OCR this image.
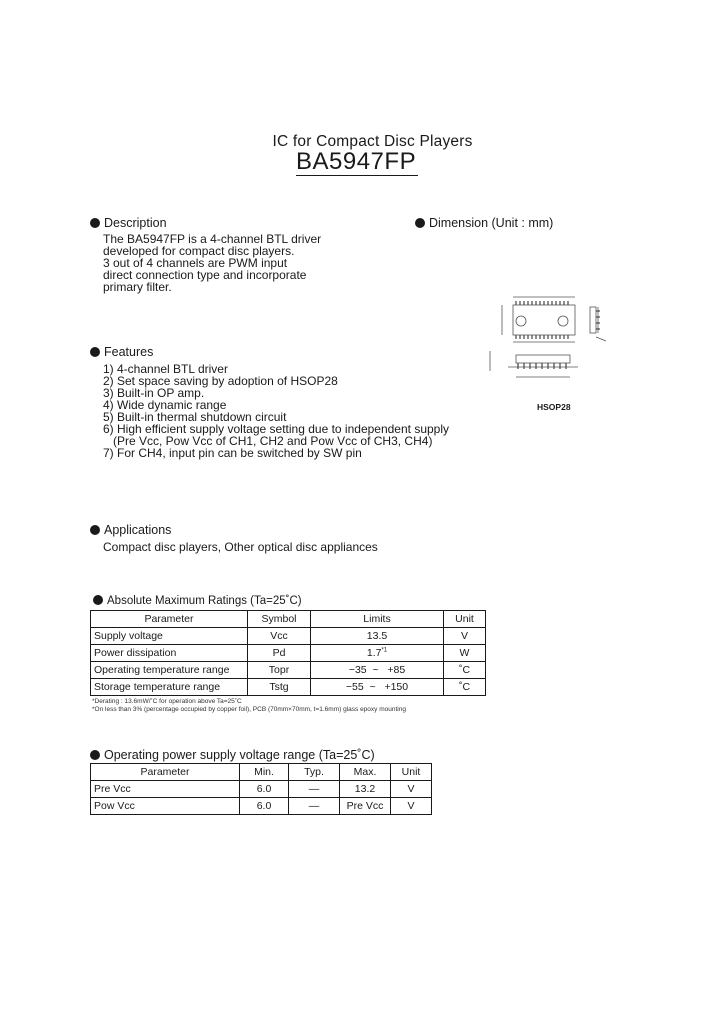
IC for Compact Disc Players
BA5947FP
Description
The BA5947FP is a 4-channel BTL driver
developed for compact disc players.
3 out of 4 channels are PWM input
direct connection type and incorporate
primary filter.
Dimension (Unit : mm)
HSOP28
Features
1) 4-channel BTL driver
2) Set space saving by adoption of HSOP28
3) Built-in OP amp.
4) Wide dynamic range
5) Built-in thermal shutdown circuit
6) High efficient supply voltage setting due to independent supply
(Pre Vcc, Pow Vcc of CH1, CH2 and Pow Vcc of CH3, CH4)
7) For CH4, input pin can be switched by SW pin
Applications
Compact disc players, Other optical disc appliances
Absolute Maximum Ratings (Ta=25˚C)
Parameter	Symbol	Limits	Unit
Supply voltage	Vcc	13.5	V
Power dissipation	Pd	1.7$^{*1}$	W
Operating temperature range	Topr	−35 ~ +85	˚C
Storage temperature range	Tstg	−55 ~ +150	˚C
*Derating : 13.6mW/˚C for operation above Ta=25˚C
*On less than 3% (percentage occupied by copper foil), PCB (70mm×70mm, t=1.6mm) glass epoxy mounting
Operating power supply voltage range (Ta=25˚C)
Parameter	Min.	Typ.	Max.	Unit
Pre Vcc	6.0	—	13.2	V
Pow Vcc	6.0	—	Pre Vcc	V
